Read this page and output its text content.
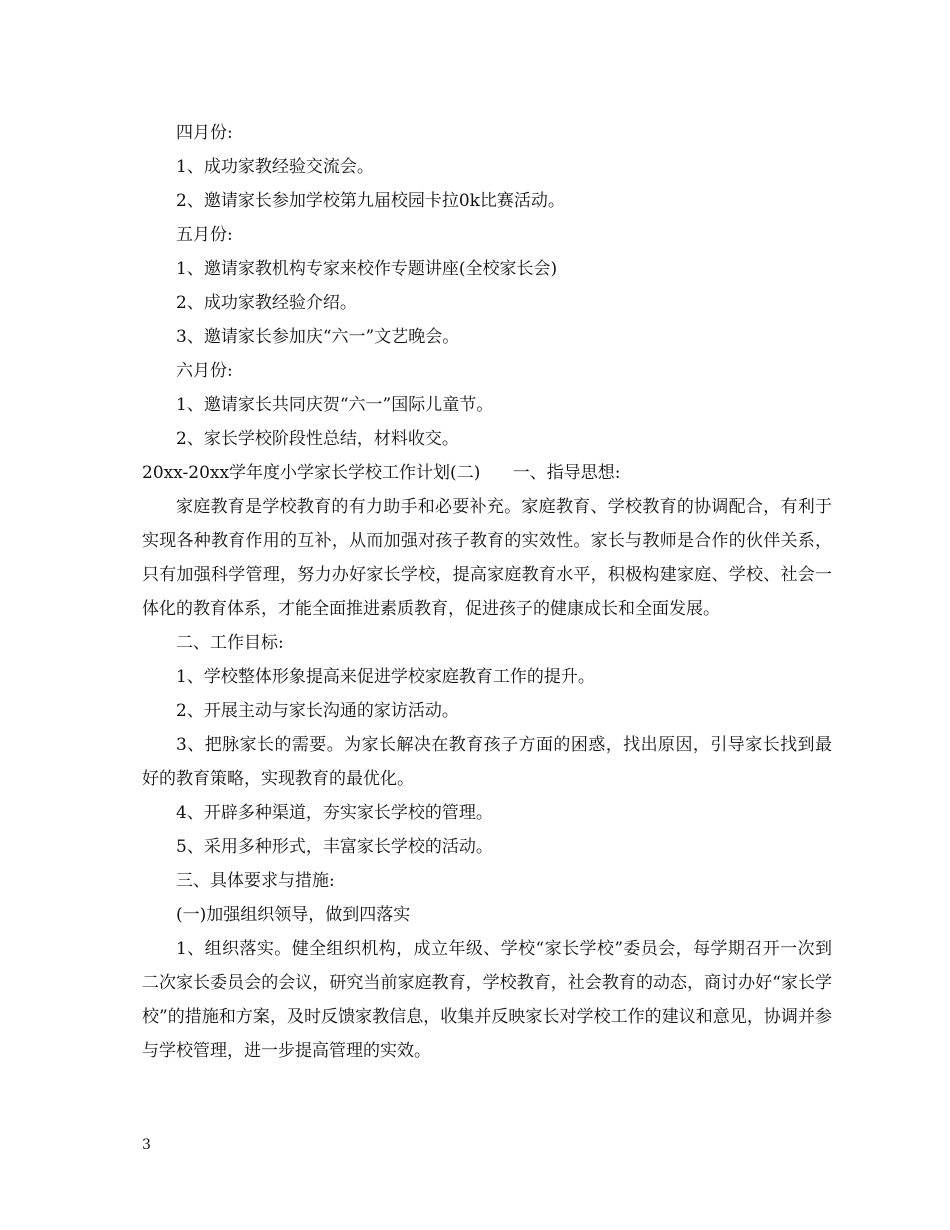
四月份:

1、成功家教经验交流会。

2、邀请家长参加学校第九届校园卡拉0k比赛活动。

五月份:

1、邀请家教机构专家来校作专题讲座(全校家长会)

2、成功家教经验介绍。

3、邀请家长参加庆“六一”文艺晚会。

六月份:

1、邀请家长共同庆贺“六一”国际儿童节。

2、家长学校阶段性总结，材料收交。

20xx-20xx学年度小学家长学校工作计划(二)      一、指导思想:

家庭教育是学校教育的有力助手和必要补充。家庭教育、学校教育的协调配合，有利于实现各种教育作用的互补，从而加强对孩子教育的实效性。家长与教师是合作的伙伴关系，只有加强科学管理，努力办好家长学校，提高家庭教育水平，积极构建家庭、学校、社会一体化的教育体系，才能全面推进素质教育，促进孩子的健康成长和全面发展。

二、工作目标:

1、学校整体形象提高来促进学校家庭教育工作的提升。

2、开展主动与家长沟通的家访活动。

3、把脉家长的需要。为家长解决在教育孩子方面的困惑，找出原因，引导家长找到最好的教育策略，实现教育的最优化。

4、开辟多种渠道，夯实家长学校的管理。

5、采用多种形式，丰富家长学校的活动。

三、具体要求与措施:

(一)加强组织领导，做到四落实

1、组织落实。健全组织机构，成立年级、学校“家长学校”委员会，每学期召开一次到二次家长委员会的会议，研究当前家庭教育，学校教育，社会教育的动态，商讨办好“家长学校”的措施和方案，及时反馈家教信息，收集并反映家长对学校工作的建议和意见，协调并参与学校管理，进一步提高管理的实效。

3
